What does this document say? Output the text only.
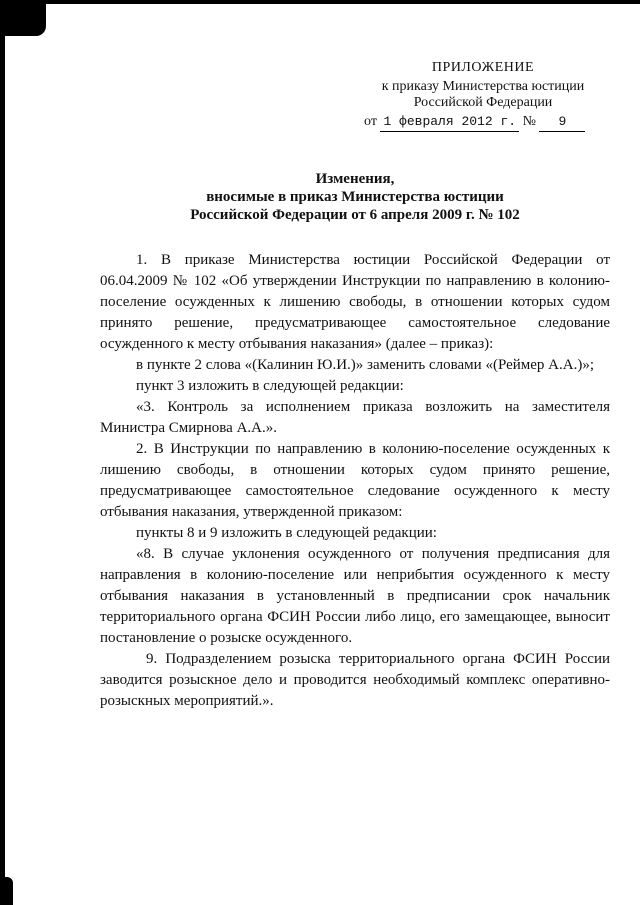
ПРИЛОЖЕНИЕ
к приказу Министерства юстиции
Российской Федерации
от 1 февраля 2012 г. № 9
Изменения,
вносимые в приказ Министерства юстиции
Российской Федерации от 6 апреля 2009 г. № 102

1. В приказе Министерства юстиции Российской Федерации от 06.04.2009 № 102 «Об утверждении Инструкции по направлению в колонию-поселение осужденных к лишению свободы, в отношении которых судом принято решение, предусматривающее самостоятельное следование осужденного к месту отбывания наказания» (далее – приказ):

в пункте 2 слова «(Калинин Ю.И.)» заменить словами «(Реймер А.А.)»;

пункт 3 изложить в следующей редакции:

«3. Контроль за исполнением приказа возложить на заместителя Министра Смирнова А.А.».

2. В Инструкции по направлению в колонию-поселение осужденных к лишению свободы, в отношении которых судом принято решение, предусматривающее самостоятельное следование осужденного к месту отбывания наказания, утвержденной приказом:

пункты 8 и 9 изложить в следующей редакции:

«8. В случае уклонения осужденного от получения предписания для направления в колонию-поселение или неприбытия осужденного к месту отбывания наказания в установленный в предписании срок начальник территориального органа ФСИН России либо лицо, его замещающее, выносит постановление о розыске осужденного.

9. Подразделением розыска территориального органа ФСИН России заводится розыскное дело и проводится необходимый комплекс оперативно-розыскных мероприятий.».
